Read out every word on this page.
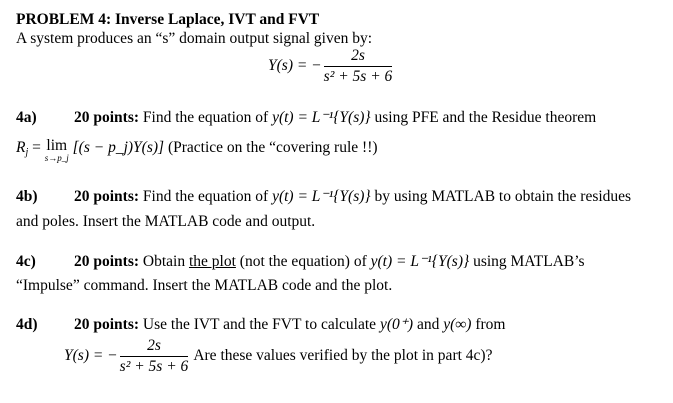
PROBLEM 4: Inverse Laplace, IVT and FVT
A system produces an “s” domain output signal given by:
Y(s) = − $\frac{2s}{\text{s² + 5s + 6}}$
4a) 20 points: Find the equation of y(t) = L⁻¹{Y(s)} using PFE and the Residue theorem
$R_j = \lim$
s→p_j
[(s − p_j)Y(s)] (Practice on the “covering rule !!)
4b) 20 points: Find the equation of y(t) = L⁻¹{Y(s)} by using MATLAB to obtain the residues
and poles. Insert the MATLAB code and output.
4c) 20 points: Obtain the plot (not the equation) of y(t) = L⁻¹{Y(s)} using MATLAB’s
“Impulse” command. Insert the MATLAB code and the plot.
4d) 20 points: Use the IVT and the FVT to calculate y(0⁺) and y(∞) from
Y(s) = − $\frac{2s}{\text{s² + 5s + 6}}$ Are these values verified by the plot in part 4c)?
